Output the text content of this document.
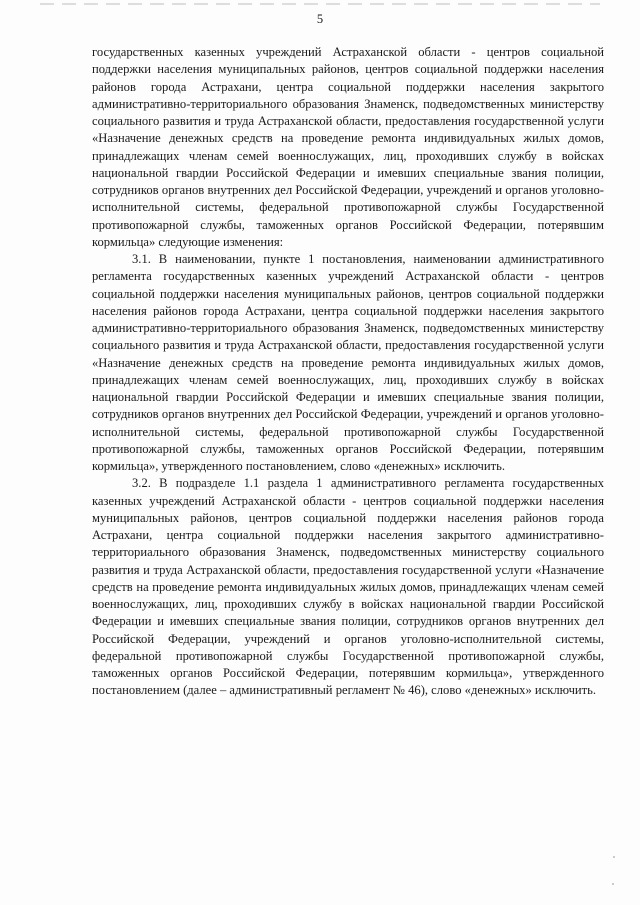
5

государственных казенных учреждений Астраханской области - центров социальной поддержки населения муниципальных районов, центров социальной поддержки населения районов города Астрахани, центра социальной поддержки населения закрытого административно-территориального образования Знаменск, подведомственных министерству социального развития и труда Астраханской области, предоставления государственной услуги «Назначение денежных средств на проведение ремонта индивидуальных жилых домов, принадлежащих членам семей военнослужащих, лиц, проходивших службу в войсках национальной гвардии Российской Федерации и имевших специальные звания полиции, сотрудников органов внутренних дел Российской Федерации, учреждений и органов уголовно-исполнительной системы, федеральной противопожарной службы Государственной противопожарной службы, таможенных органов Российской Федерации, потерявшим кормильца» следующие изменения:

3.1. В наименовании, пункте 1 постановления, наименовании административного регламента государственных казенных учреждений Астраханской области - центров социальной поддержки населения муниципальных районов, центров социальной поддержки населения районов города Астрахани, центра социальной поддержки населения закрытого административно-территориального образования Знаменск, подведомственных министерству социального развития и труда Астраханской области, предоставления государственной услуги «Назначение денежных средств на проведение ремонта индивидуальных жилых домов, принадлежащих членам семей военнослужащих, лиц, проходивших службу в войсках национальной гвардии Российской Федерации и имевших специальные звания полиции, сотрудников органов внутренних дел Российской Федерации, учреждений и органов уголовно-исполнительной системы, федеральной противопожарной службы Государственной противопожарной службы, таможенных органов Российской Федерации, потерявшим кормильца», утвержденного постановлением, слово «денежных» исключить.

3.2. В подразделе 1.1 раздела 1 административного регламента государственных казенных учреждений Астраханской области - центров социальной поддержки населения муниципальных районов, центров социальной поддержки населения районов города Астрахани, центра социальной поддержки населения закрытого административно-территориального образования Знаменск, подведомственных министерству социального развития и труда Астраханской области, предоставления государственной услуги «Назначение средств на проведение ремонта индивидуальных жилых домов, принадлежащих членам семей военнослужащих, лиц, проходивших службу в войсках национальной гвардии Российской Федерации и имевших специальные звания полиции, сотрудников органов внутренних дел Российской Федерации, учреждений и органов уголовно-исполнительной системы, федеральной противопожарной службы Государственной противопожарной службы, таможенных органов Российской Федерации, потерявшим кормильца», утвержденного постановлением (далее – административный регламент № 46), слово «денежных» исключить.
